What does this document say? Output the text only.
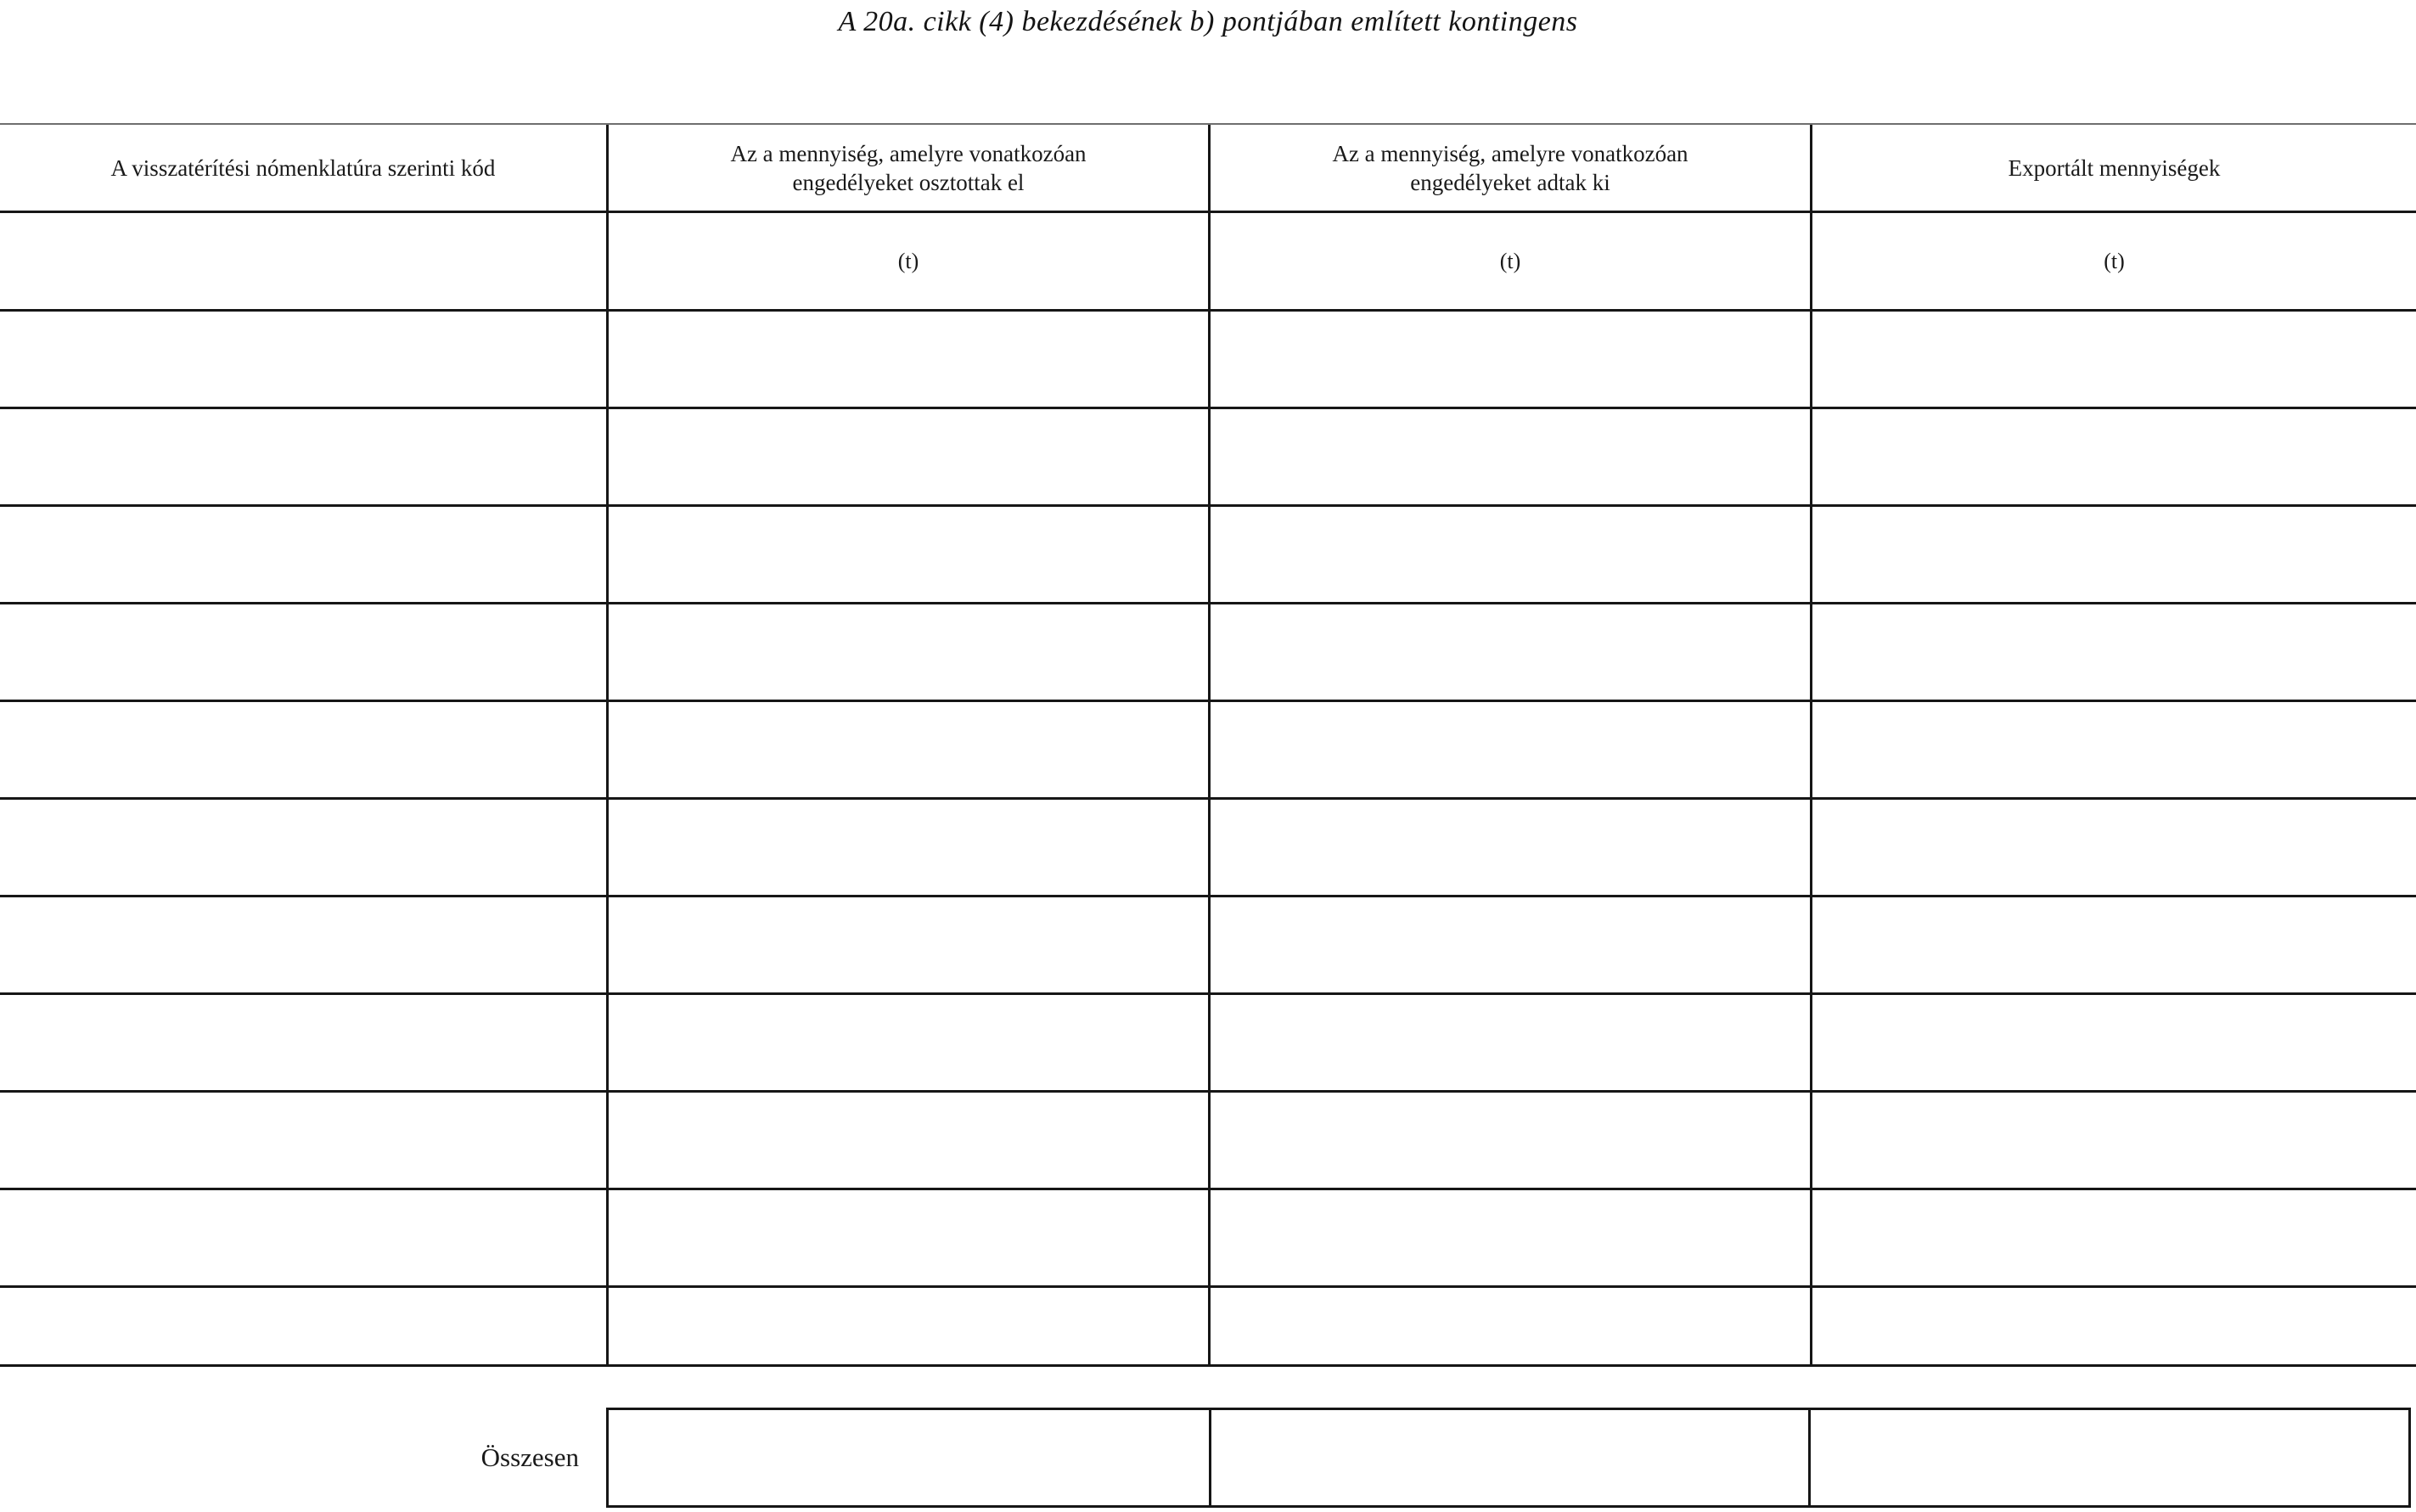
A 20a. cikk (4) bekezdésének b) pontjában említett kontingens
A visszatérítési nómenklatúra szerinti kód
Az a mennyiség, amelyre vonatkozóan
engedélyeket osztottak el
Az a mennyiség, amelyre vonatkozóan
engedélyeket adtak ki
Exportált mennyiségek
(t)	(t)	(t)
Összesen
